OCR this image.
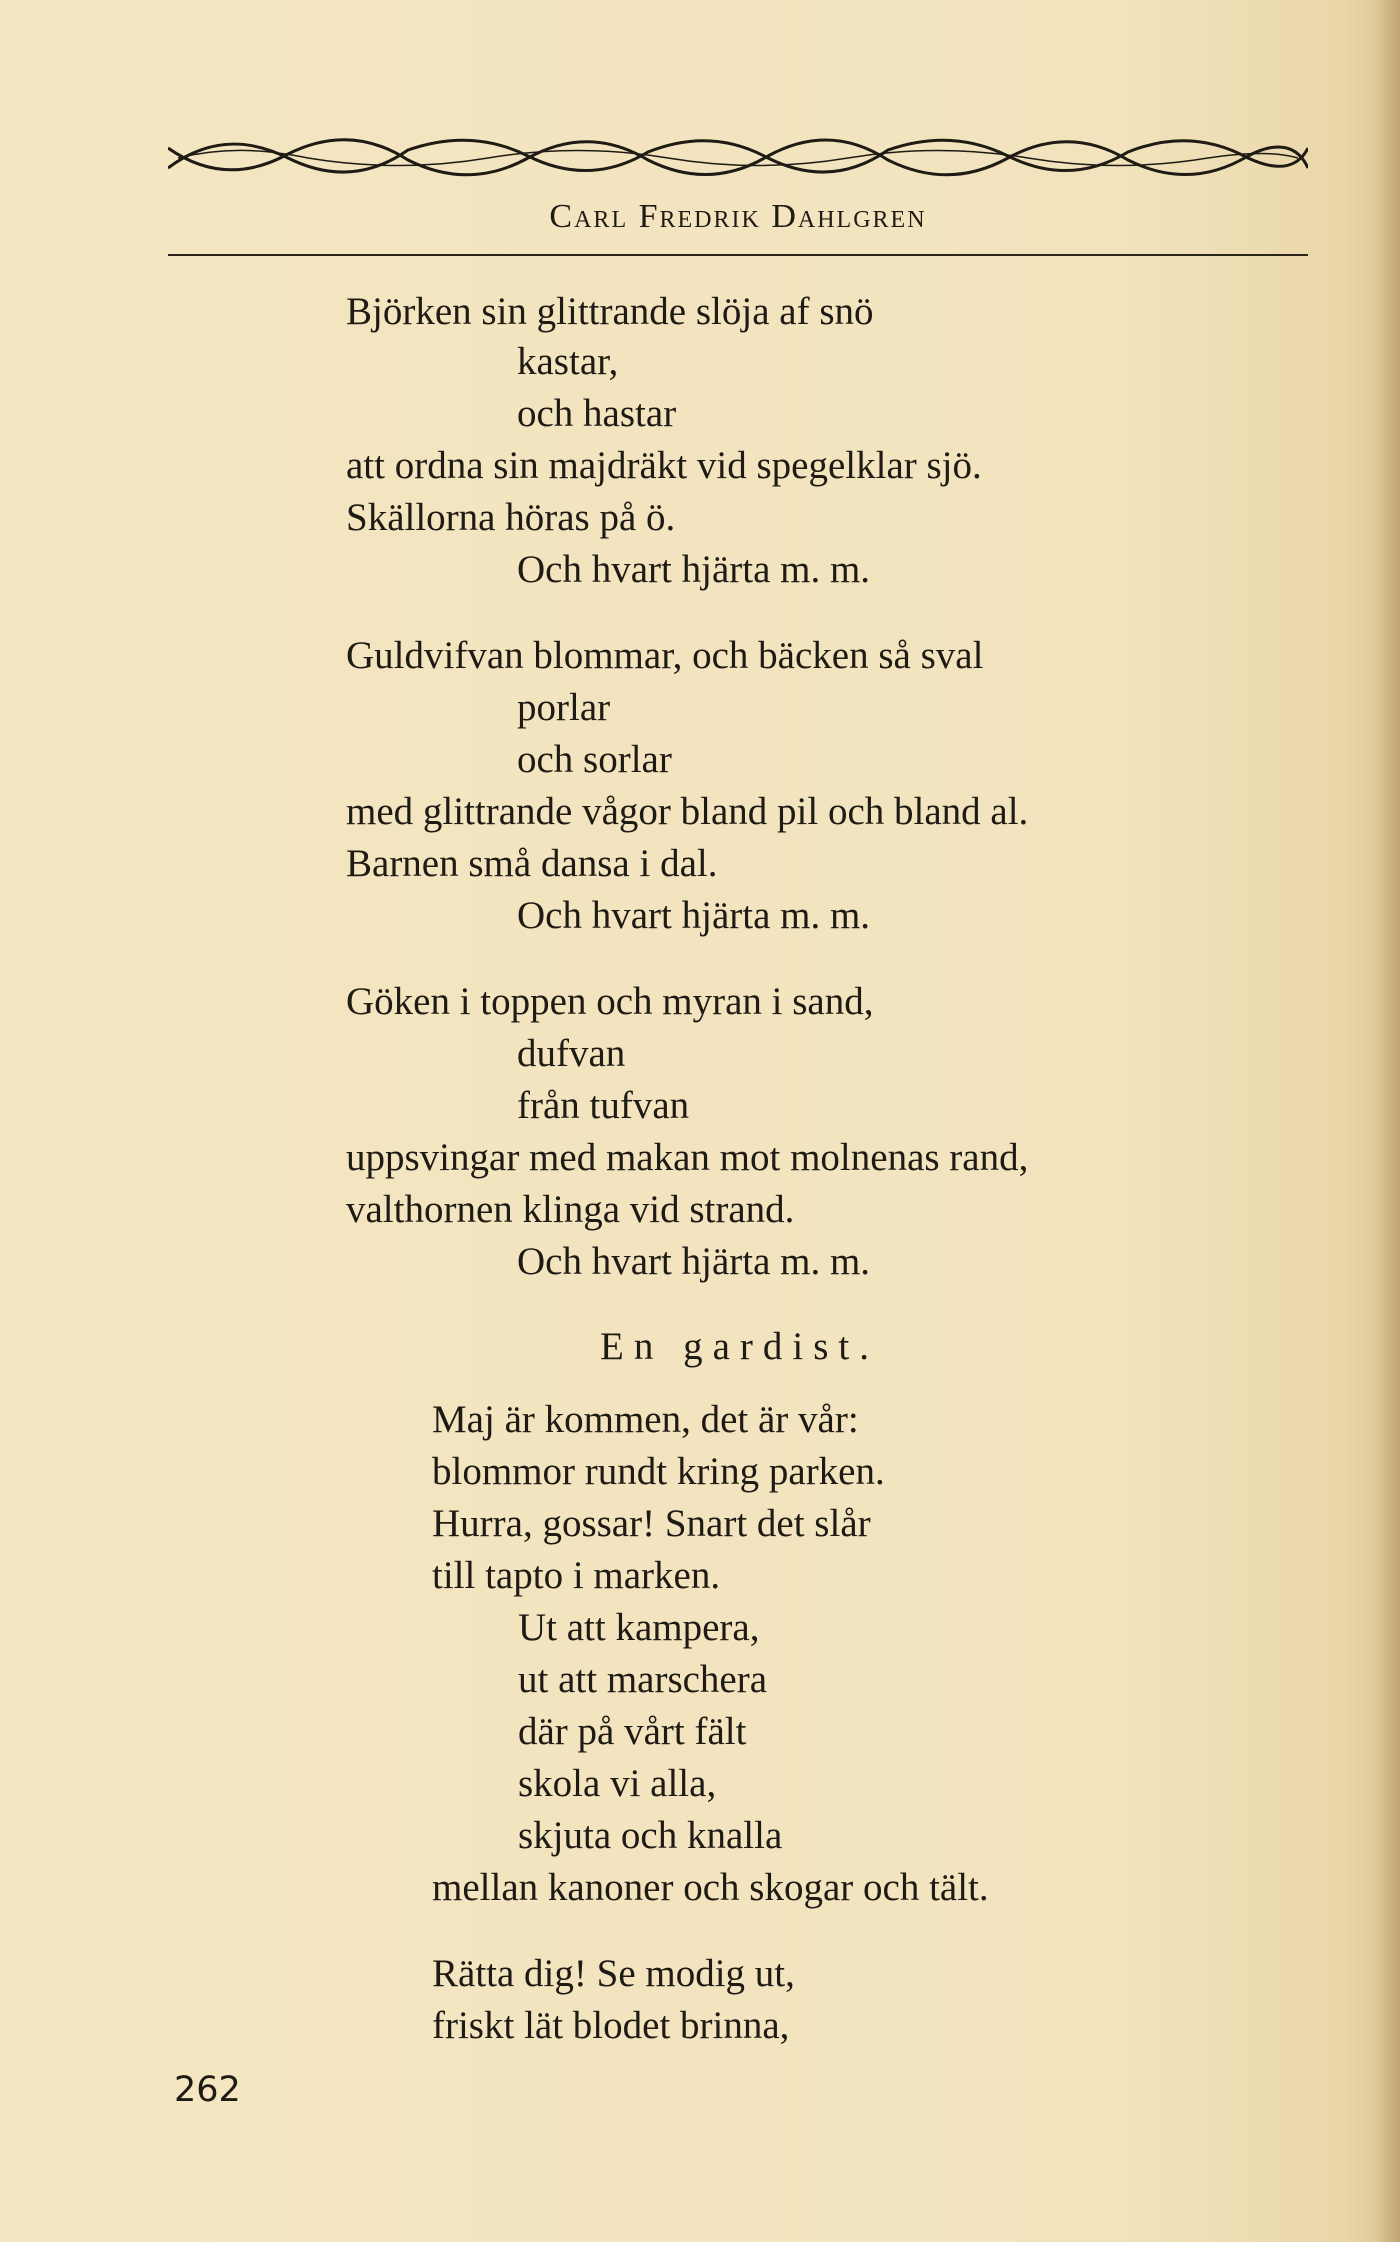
Carl Fredrik Dahlgren
Björken sin glittrande slöja af snö
kastar,
och hastar
att ordna sin majdräkt vid spegelklar sjö.
Skällorna höras på ö.
Och hvart hjärta m. m.
Guldvifvan blommar, och bäcken så sval
porlar
och sorlar
med glittrande vågor bland pil och bland al.
Barnen små dansa i dal.
Och hvart hjärta m. m.
Göken i toppen och myran i sand,
dufvan
från tufvan
uppsvingar med makan mot molnenas rand,
valthornen klinga vid strand.
Och hvart hjärta m. m.
En gardist.
Maj är kommen, det är vår:
blommor rundt kring parken.
Hurra, gossar! Snart det slår
till tapto i marken.
Ut att kampera,
ut att marschera
där på vårt fält
skola vi alla,
skjuta och knalla
mellan kanoner och skogar och tält.
Rätta dig! Se modig ut,
friskt lät blodet brinna,
262
